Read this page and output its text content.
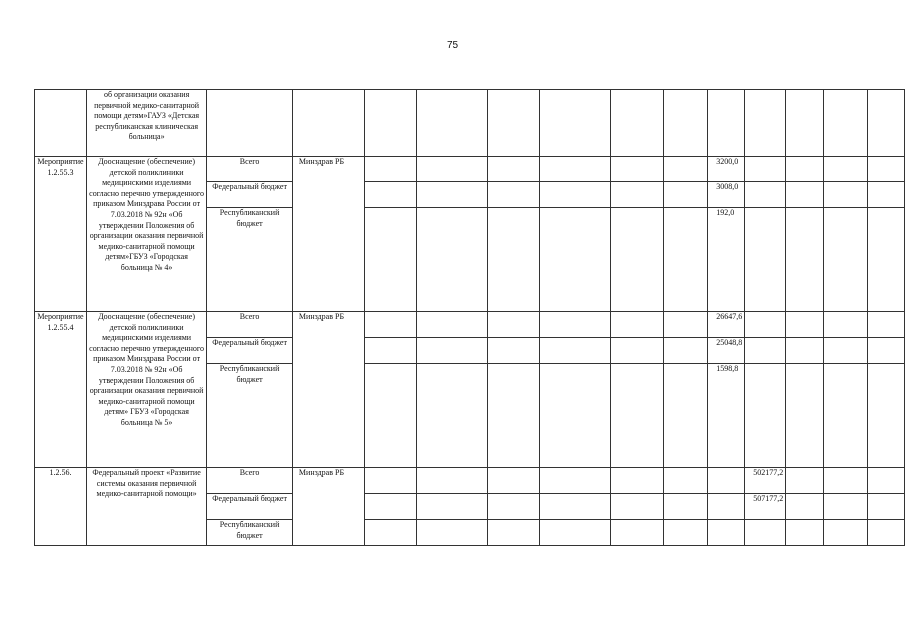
75
	об организации оказания первичной медико-санитарной помощи детям»ГАУЗ «Детская республиканская клиническая больница»													
Мероприятие 1.2.55.3	Дооснащение (обеспечение) детской поликлиники медицинскими изделиями согласно перечню утвержденного приказом Минздрава России от 7.03.2018 № 92н «Об утверждении Положения об организации оказания первичной медико-санитарной помощи детям»ГБУЗ «Городская больница № 4»	Всего	Минздрав РБ							3200,0				
		Федеральный бюджет								3008,0				
		Республиканский бюджет								192,0				
Мероприятие 1.2.55.4	Дооснащение (обеспечение) детской поликлиники медицинскими изделиями согласно перечню утвержденного приказом Минздрава России от 7.03.2018 № 92н «Об утверждении Положения об организации оказания первичной медико-санитарной помощи детям» ГБУЗ «Городская больница № 5»	Всего	Минздрав РБ							26647,6				
		Федеральный бюджет								25048,8				
		Республиканский бюджет								1598,8				
1.2.56.	Федеральный проект «Развитие системы оказания первичной медико-санитарной помощи»	Всего	Минздрав РБ								502177,2			
		Федеральный бюджет									507177,2			
		Республиканский бюджет												
